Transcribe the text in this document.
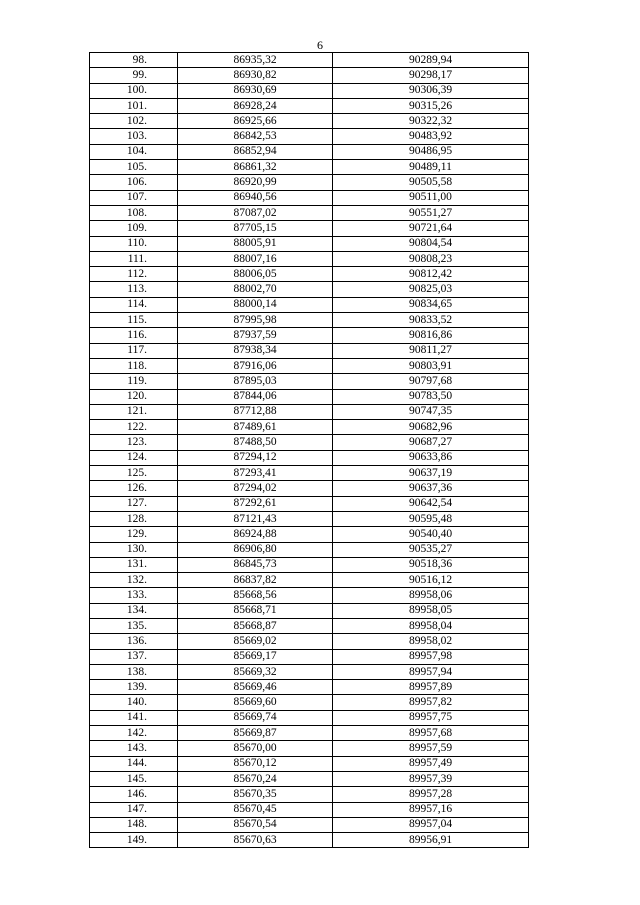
6
98.	86935,32	90289,94
99.	86930,82	90298,17
100.	86930,69	90306,39
101.	86928,24	90315,26
102.	86925,66	90322,32
103.	86842,53	90483,92
104.	86852,94	90486,95
105.	86861,32	90489,11
106.	86920,99	90505,58
107.	86940,56	90511,00
108.	87087,02	90551,27
109.	87705,15	90721,64
110.	88005,91	90804,54
111.	88007,16	90808,23
112.	88006,05	90812,42
113.	88002,70	90825,03
114.	88000,14	90834,65
115.	87995,98	90833,52
116.	87937,59	90816,86
117.	87938,34	90811,27
118.	87916,06	90803,91
119.	87895,03	90797,68
120.	87844,06	90783,50
121.	87712,88	90747,35
122.	87489,61	90682,96
123.	87488,50	90687,27
124.	87294,12	90633,86
125.	87293,41	90637,19
126.	87294,02	90637,36
127.	87292,61	90642,54
128.	87121,43	90595,48
129.	86924,88	90540,40
130.	86906,80	90535,27
131.	86845,73	90518,36
132.	86837,82	90516,12
133.	85668,56	89958,06
134.	85668,71	89958,05
135.	85668,87	89958,04
136.	85669,02	89958,02
137.	85669,17	89957,98
138.	85669,32	89957,94
139.	85669,46	89957,89
140.	85669,60	89957,82
141.	85669,74	89957,75
142.	85669,87	89957,68
143.	85670,00	89957,59
144.	85670,12	89957,49
145.	85670,24	89957,39
146.	85670,35	89957,28
147.	85670,45	89957,16
148.	85670,54	89957,04
149.	85670,63	89956,91
